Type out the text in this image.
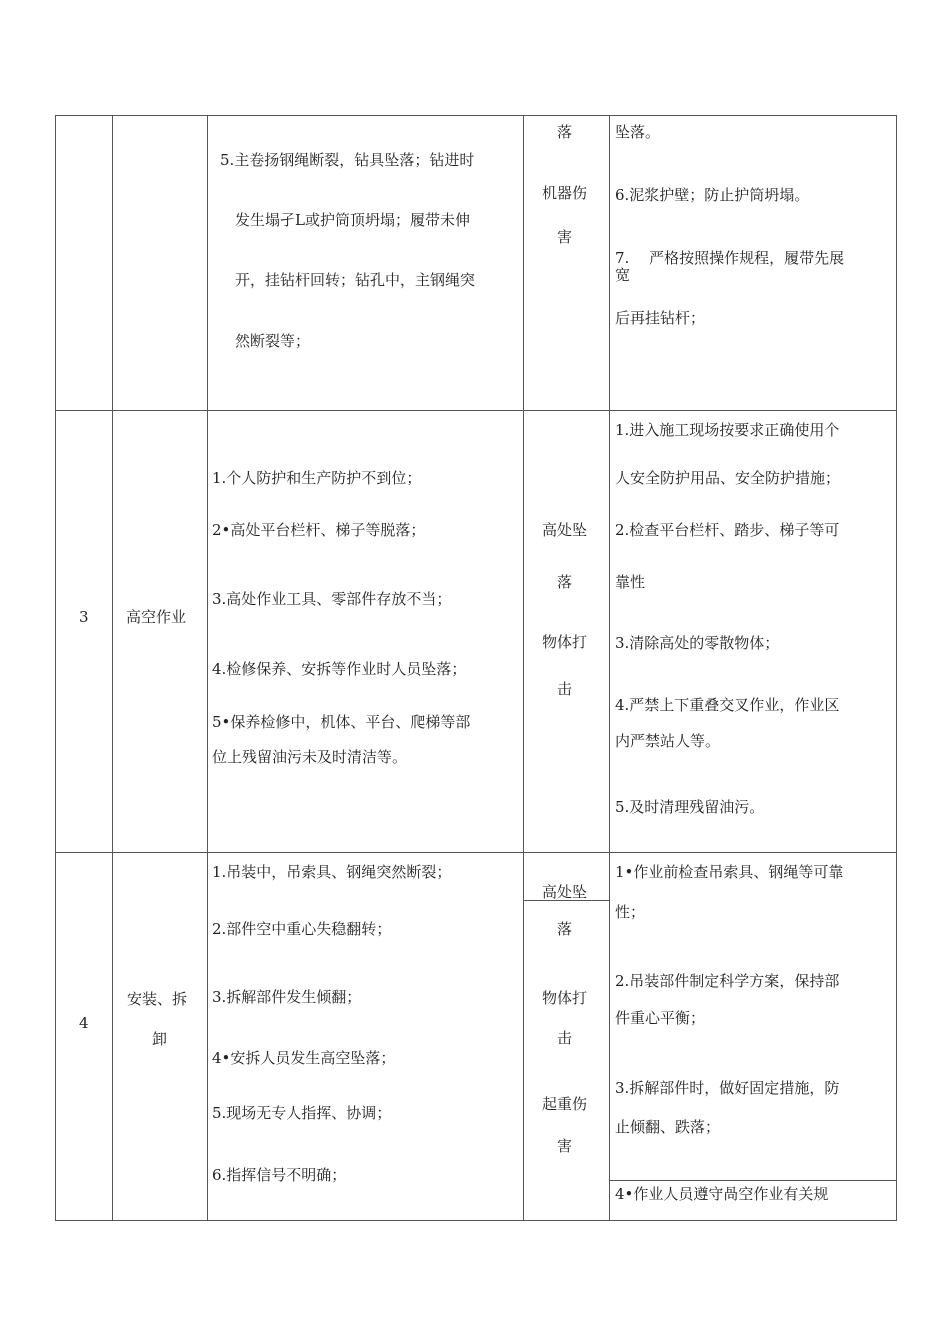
5.主卷扬钢绳断裂，钻具坠落；钻进时
发生塌孑L或护筒顶坍塌；履带未伸
开，挂钻杆回转；钻孔中，主钢绳突
然断裂等；
落
机器伤
害
坠落。
6.泥浆护壁；防止护筒坍塌。
7.　 严格按照操作规程，履带先展
宽
后再挂钻杆；
3 高空作业
1.个人防护和生产防护不到位；
2•高处平台栏杆、梯子等脱落；
3.高处作业工具、零部件存放不当；
4.检修保养、安拆等作业时人员坠落；
5•保养检修中，机体、平台、爬梯等部
位上残留油污未及时清洁等。
高处坠
落
物体打
击
1.进入施工现场按要求正确使用个
人安全防护用品、安全防护措施；
2.检查平台栏杆、踏步、梯子等可
靠性
3.清除高处的零散物体；
4.严禁上下重叠交叉作业，作业区
内严禁站人等。
5.及时清理残留油污。
4
安装、拆
卸
1.吊装中，吊索具、钢绳突然断裂；
2.部件空中重心失稳翻转；
3.拆解部件发生倾翻；
4•安拆人员发生高空坠落；
5.现场无专人指挥、协调；
6.指挥信号不明确；
高处坠
落
物体打
击
起重伤
害
1•作业前检查吊索具、钢绳等可靠
性；
2.吊装部件制定科学方案，保持部
件重心平衡；
3.拆解部件时，做好固定措施，防
止倾翻、跌落；
4•作业人员遵守咼空作业有关规
